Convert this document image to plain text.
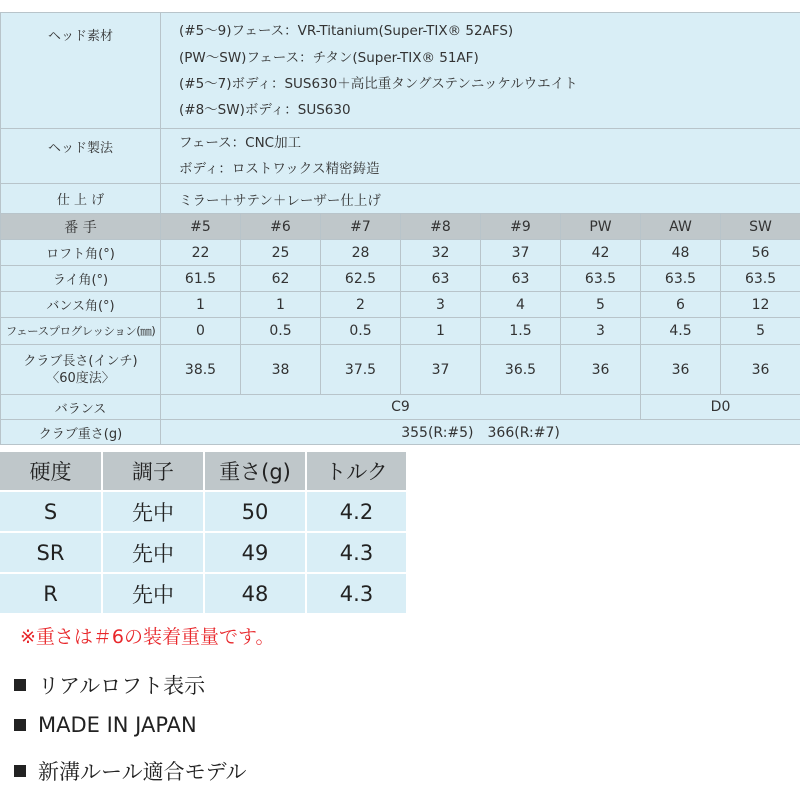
ヘッド素材	(#5〜9)フェース：VR-Titanium(Super-TIX® 52AFS)
(PW〜SW)フェース：チタン(Super-TIX® 51AF)
(#5〜7)ボディ：SUS630＋高比重タングステンニッケルウエイト
(#8〜SW)ボディ：SUS630							

ヘッド製法	フェース：CNC加工
ボディ：ロストワックス精密鋳造							

仕 上 げ	ミラー＋サテン＋レーザー仕上げ							
番 手	#5	#6	#7	#8	#9	PW	AW	SW
ロフト角(°)	22	25	28	32	37	42	48	56
ライ角(°)	61.5	62	62.5	63	63	63.5	63.5	63.5
バンス角(°)	1	1	2	3	4	5	6	12
フェースプログレッション(㎜)	0	0.5	0.5	1	1.5	3	4.5	5

クラブ長さ(インチ)
〈60度法〉	38.5	38	37.5	37	36.5	36	36	36
バランス	C9						D0	
クラブ重さ(g)	355(R:#5)　366(R:#7)							
硬度	調子	重さ(g)	トルク
S	先中	50	4.2
SR	先中	49	4.3
R	先中	48	4.3
※重さは＃6の装着重量です。
リアルロフト表示
MADE IN JAPAN
新溝ルール適合モデル
